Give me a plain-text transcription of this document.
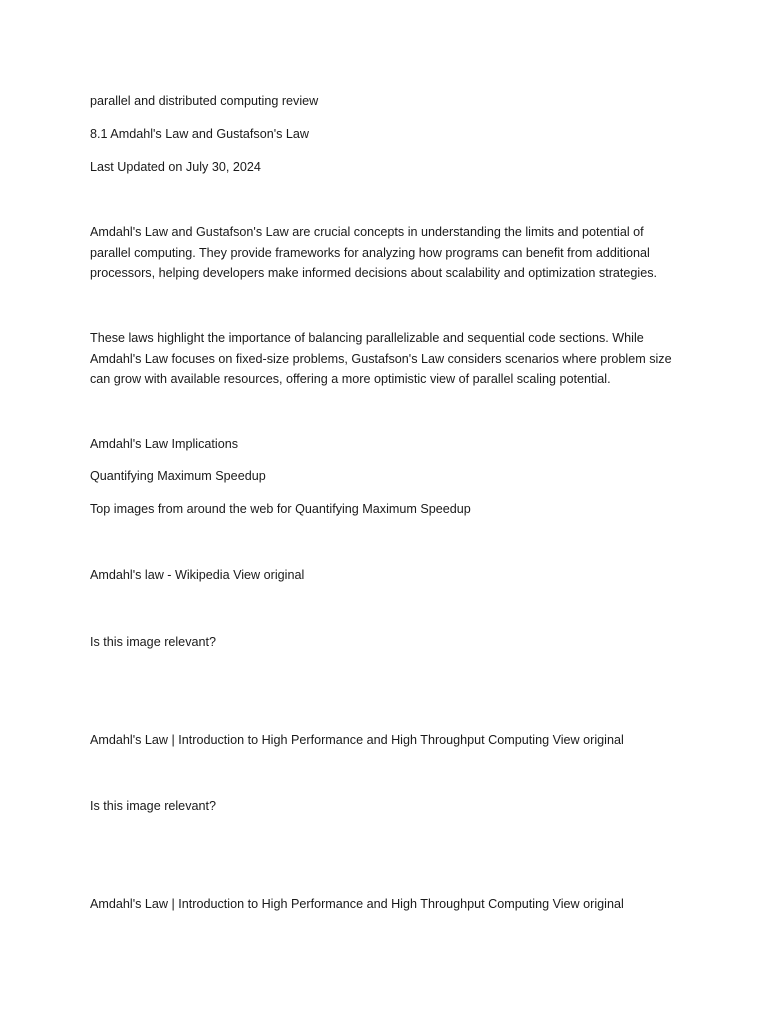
parallel and distributed computing review

8.1 Amdahl's Law and Gustafson's Law

Last Updated on July 30, 2024

Amdahl's Law and Gustafson's Law are crucial concepts in understanding the limits and potential of parallel computing. They provide frameworks for analyzing how programs can benefit from additional processors, helping developers make informed decisions about scalability and optimization strategies.

These laws highlight the importance of balancing parallelizable and sequential code sections. While Amdahl's Law focuses on fixed-size problems, Gustafson's Law considers scenarios where problem size can grow with available resources, offering a more optimistic view of parallel scaling potential.

Amdahl's Law Implications

Quantifying Maximum Speedup

Top images from around the web for Quantifying Maximum Speedup

Amdahl's law - Wikipedia View original

Is this image relevant?

Amdahl's Law | Introduction to High Performance and High Throughput Computing View original

Is this image relevant?

Amdahl's Law | Introduction to High Performance and High Throughput Computing View original
